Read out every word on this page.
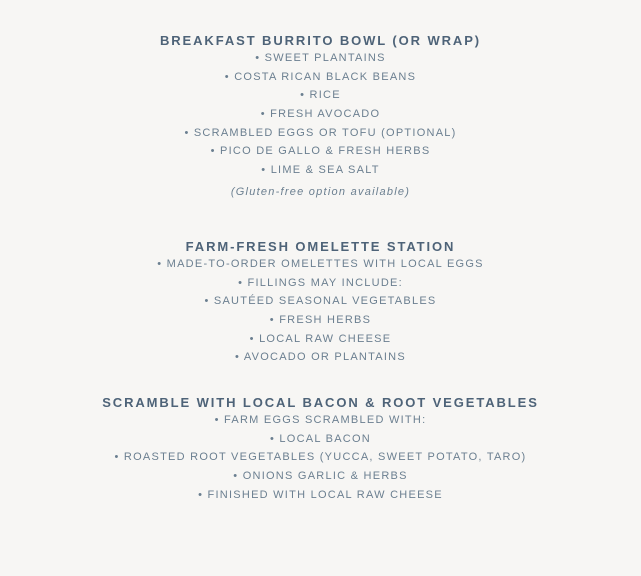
BREAKFAST BURRITO BOWL (OR WRAP)
• SWEET PLANTAINS
• COSTA RICAN BLACK BEANS
• RICE
• FRESH AVOCADO
• SCRAMBLED EGGS OR TOFU (OPTIONAL)
• PICO DE GALLO & FRESH HERBS
• LIME & SEA SALT
(Gluten-free option available)
FARM-FRESH OMELETTE STATION
• MADE-TO-ORDER OMELETTES WITH LOCAL EGGS
• FILLINGS MAY INCLUDE:
• SAUTÉED SEASONAL VEGETABLES
• FRESH HERBS
• LOCAL RAW CHEESE
• AVOCADO OR PLANTAINS
SCRAMBLE WITH LOCAL BACON & ROOT VEGETABLES
• FARM EGGS SCRAMBLED WITH:
• LOCAL BACON
• ROASTED ROOT VEGETABLES (YUCCA, SWEET POTATO, TARO)
• ONIONS GARLIC & HERBS
• FINISHED WITH LOCAL RAW CHEESE
